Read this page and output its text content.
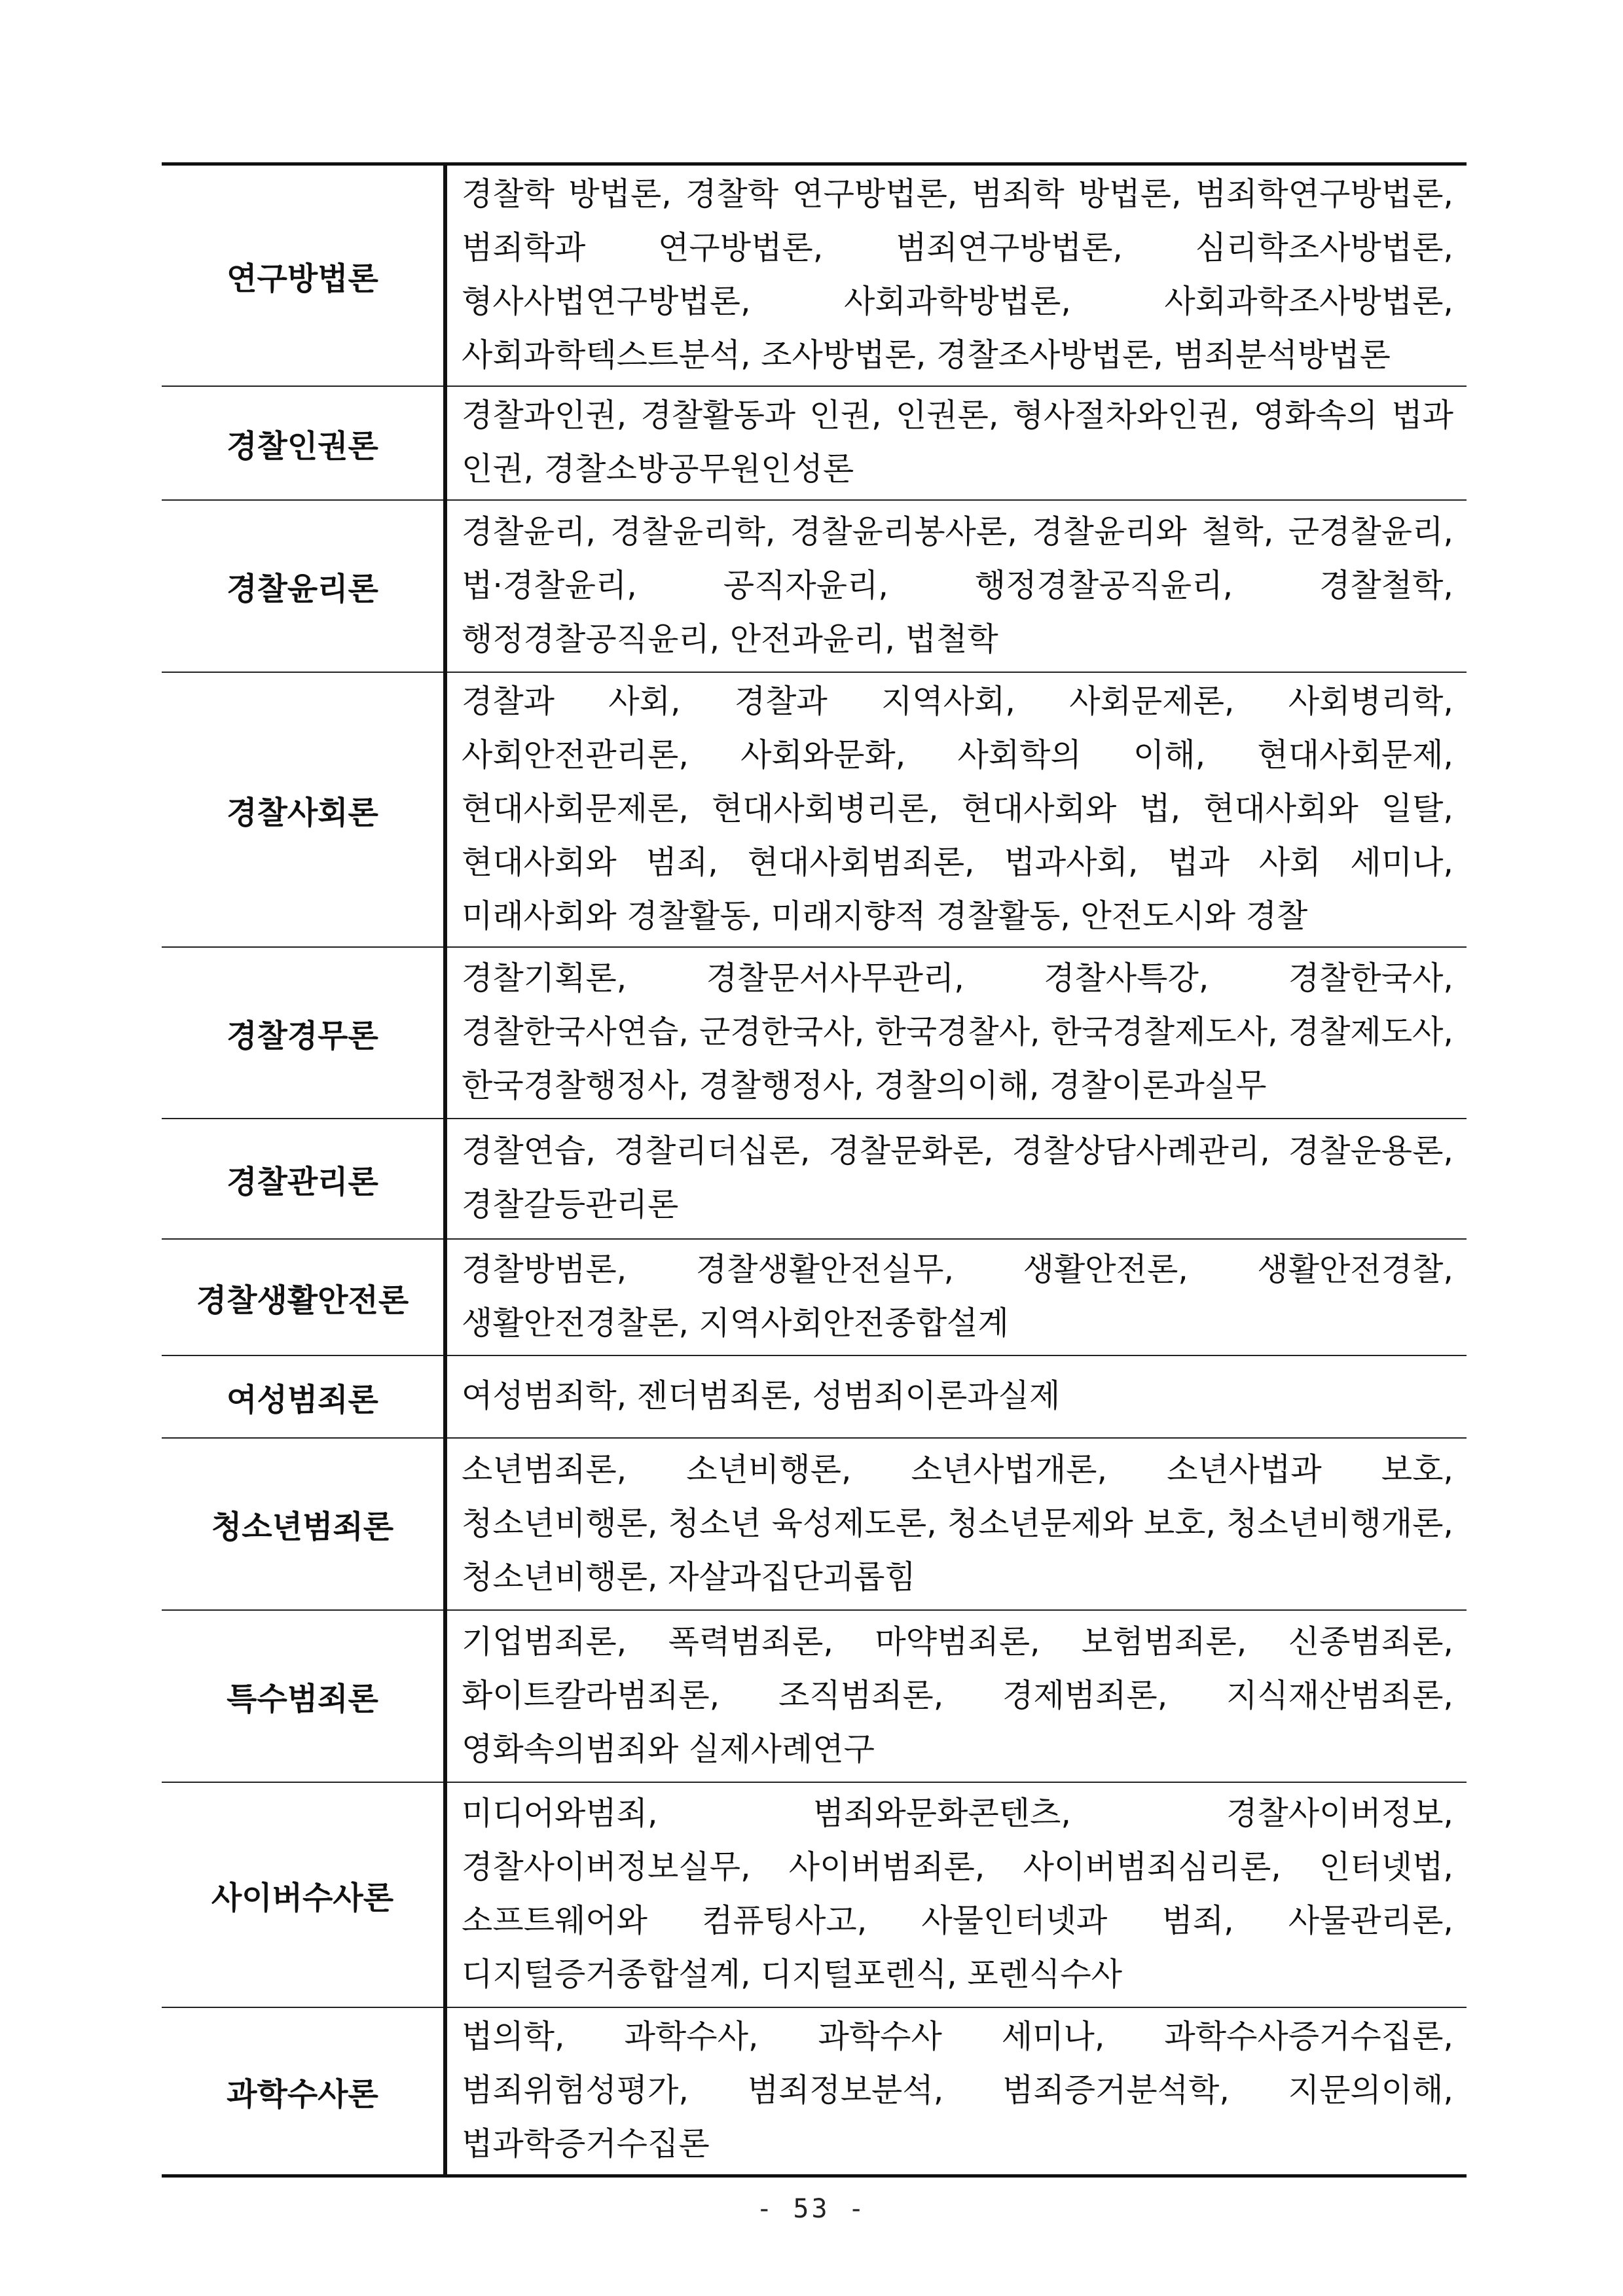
연구방법론	경찰학 방법론, 경찰학 연구방법론, 범죄학 방법론, 범죄학연구방법론, 범죄학과 연구방법론, 범죄연구방법론, 심리학조사방법론, 형사사법연구방법론, 사회과학방법론, 사회과학조사방법론, 사회과학텍스트분석, 조사방법론, 경찰조사방법론, 범죄분석방법론
경찰인권론	경찰과인권, 경찰활동과 인권, 인권론, 형사절차와인권, 영화속의 법과 인권, 경찰소방공무원인성론
경찰윤리론	경찰윤리, 경찰윤리학, 경찰윤리봉사론, 경찰윤리와 철학, 군경찰윤리, 법·경찰윤리, 공직자윤리, 행정경찰공직윤리, 경찰철학, 행정경찰공직윤리, 안전과윤리, 법철학
경찰사회론	경찰과 사회, 경찰과 지역사회, 사회문제론, 사회병리학, 사회안전관리론, 사회와문화, 사회학의 이해, 현대사회문제, 현대사회문제론, 현대사회병리론, 현대사회와 법, 현대사회와 일탈, 현대사회와 범죄, 현대사회범죄론, 법과사회, 법과 사회 세미나, 미래사회와 경찰활동, 미래지향적 경찰활동, 안전도시와 경찰
경찰경무론	경찰기획론, 경찰문서사무관리, 경찰사특강, 경찰한국사, 경찰한국사연습, 군경한국사, 한국경찰사, 한국경찰제도사, 경찰제도사, 한국경찰행정사, 경찰행정사, 경찰의이해, 경찰이론과실무
경찰관리론	경찰연습, 경찰리더십론, 경찰문화론, 경찰상담사례관리, 경찰운용론, 경찰갈등관리론
경찰생활안전론	경찰방범론, 경찰생활안전실무, 생활안전론, 생활안전경찰, 생활안전경찰론, 지역사회안전종합설계
여성범죄론	여성범죄학, 젠더범죄론, 성범죄이론과실제
청소년범죄론	소년범죄론, 소년비행론, 소년사법개론, 소년사법과 보호, 청소년비행론, 청소년 육성제도론, 청소년문제와 보호, 청소년비행개론, 청소년비행론, 자살과집단괴롭힘
특수범죄론	기업범죄론, 폭력범죄론, 마약범죄론, 보험범죄론, 신종범죄론, 화이트칼라범죄론, 조직범죄론, 경제범죄론, 지식재산범죄론, 영화속의범죄와 실제사례연구
사이버수사론	미디어와범죄, 범죄와문화콘텐츠, 경찰사이버정보, 경찰사이버정보실무, 사이버범죄론, 사이버범죄심리론, 인터넷법, 소프트웨어와 컴퓨팅사고, 사물인터넷과 범죄, 사물관리론, 디지털증거종합설계, 디지털포렌식, 포렌식수사
과학수사론	법의학, 과학수사, 과학수사 세미나, 과학수사증거수집론, 범죄위험성평가, 범죄정보분석, 범죄증거분석학, 지문의이해, 법과학증거수집론
- 53 -
